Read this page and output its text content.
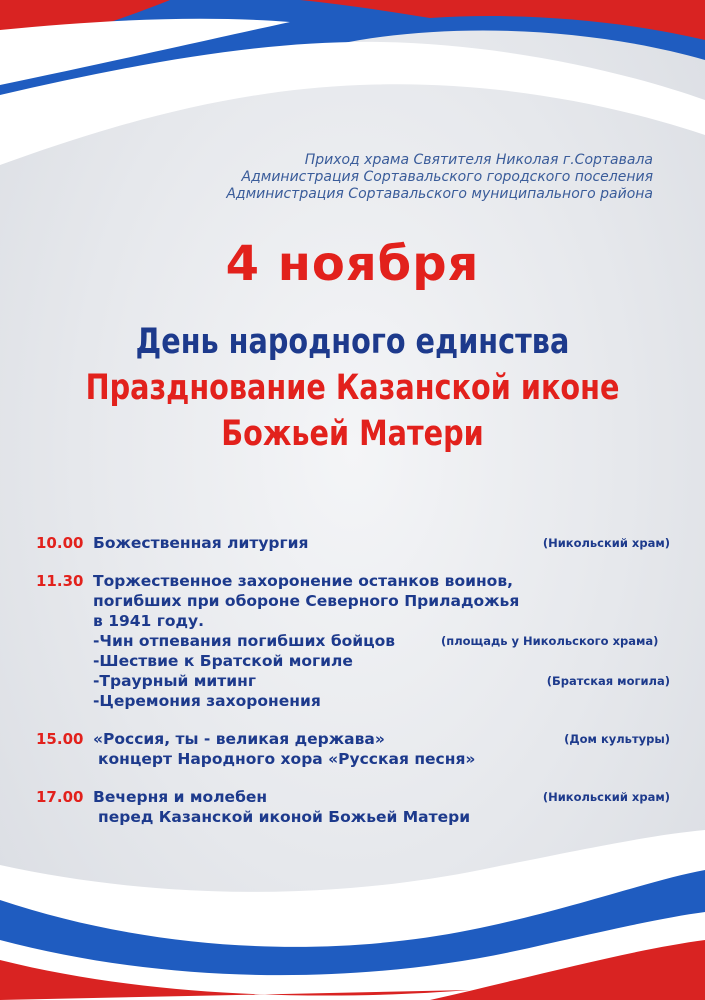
Приход храма Святителя Николая г.Сортавала
Администрация Сортавальского городского поселения
Администрация Сортавальского муниципального района
4 ноября
День народного единства
Празднование Казанской иконе
Божьей Матери
10.00 Божественная литургия	(Никольский храм)
11.30 Торжественное захоронение останков воинов,
погибших при обороне Северного Приладожья
в 1941 году.
-Чин отпевания погибших бойцов	(площадь у Никольского храма)
-Шествие к Братской могиле
-Траурный митинг	(Братская могила)
-Церемония захоронения
15.00 «Россия, ты - великая держава»	(Дом культуры)
концерт Народного хора «Русская песня»
17.00 Вечерня и молебен	(Никольский храм)
перед Казанской иконой Божьей Матери
